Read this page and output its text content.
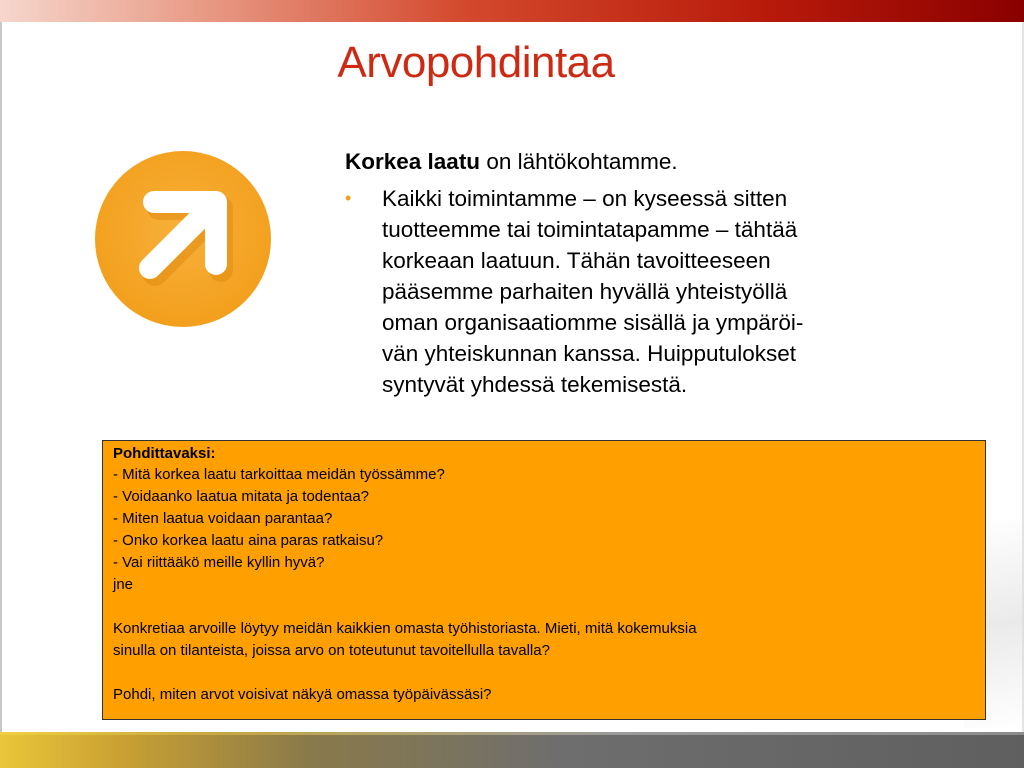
Arvopohdintaa
Korkea laatu on lähtökohtamme.
•	Kaikki toimintamme – on kyseessä sitten
tuotteemme tai toimintatapamme – tähtää
korkeaan laatuun. Tähän tavoitteeseen
pääsemme parhaiten hyvällä yhteistyöllä
oman organisaatiomme sisällä ja ympäröi-
vän yhteiskunnan kanssa. Huipputulokset
syntyvät yhdessä tekemisestä.
Pohdittavaksi:
- Mitä korkea laatu tarkoittaa meidän työssämme?
- Voidaanko laatua mitata ja todentaa?
- Miten laatua voidaan parantaa?
- Onko korkea laatu aina paras ratkaisu?
- Vai riittääkö meille kyllin hyvä?
jne
Konkretiaa arvoille löytyy meidän kaikkien omasta työhistoriasta. Mieti, mitä kokemuksia
sinulla on tilanteista, joissa arvo on toteutunut tavoitellulla tavalla?
Pohdi, miten arvot voisivat näkyä omassa työpäivässäsi?
